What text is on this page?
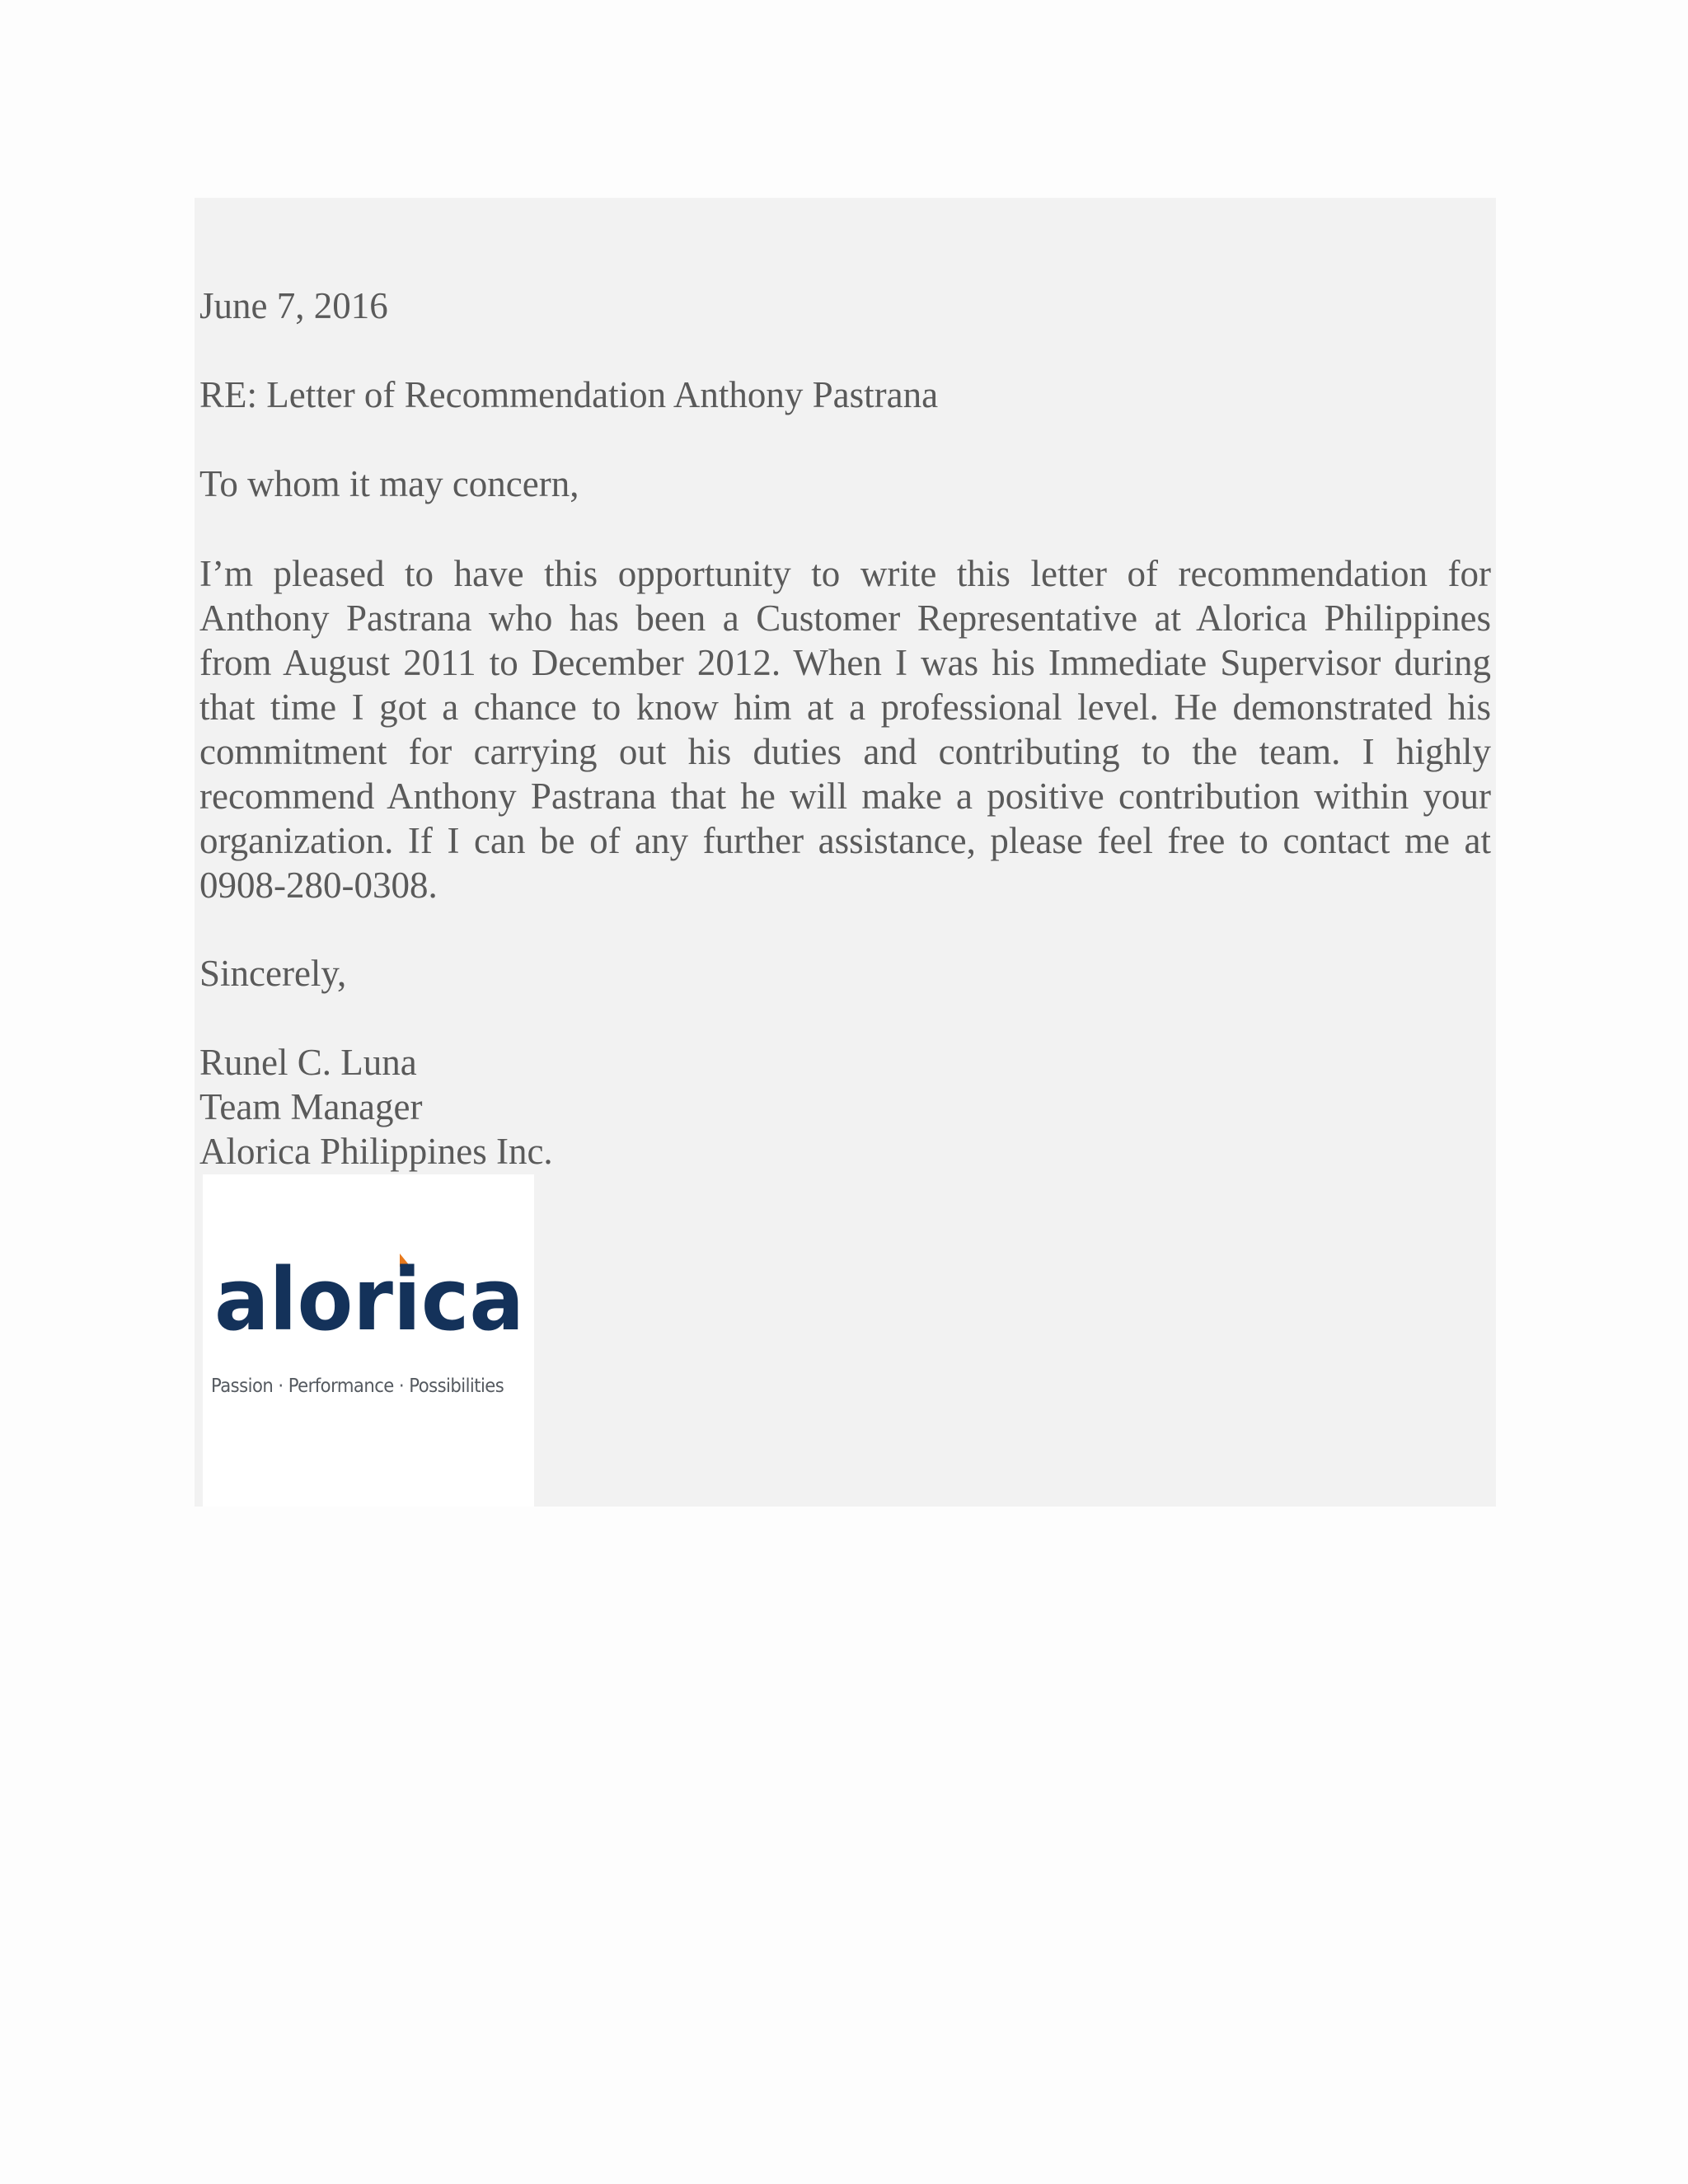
June 7, 2016

RE: Letter of Recommendation Anthony Pastrana

To whom it may concern,

I’m pleased to have this opportunity to write this letter of recommendation for Anthony Pastrana who has been a Customer Representative at Alorica Philippines from August 2011 to December 2012. When I was his Immediate Supervisor during that time I got a chance to know him at a professional level. He demonstrated his commitment for carrying out his duties and contributing to the team. I highly recommend Anthony Pastrana that he will make a positive contribution within your organization. If I can be of any further assistance, please feel free to contact me at 0908-280-0308.

Sincerely,

Runel C. Luna

Team Manager

Alorica Philippines Inc.

alorica
Passion · Performance · Possibilities
